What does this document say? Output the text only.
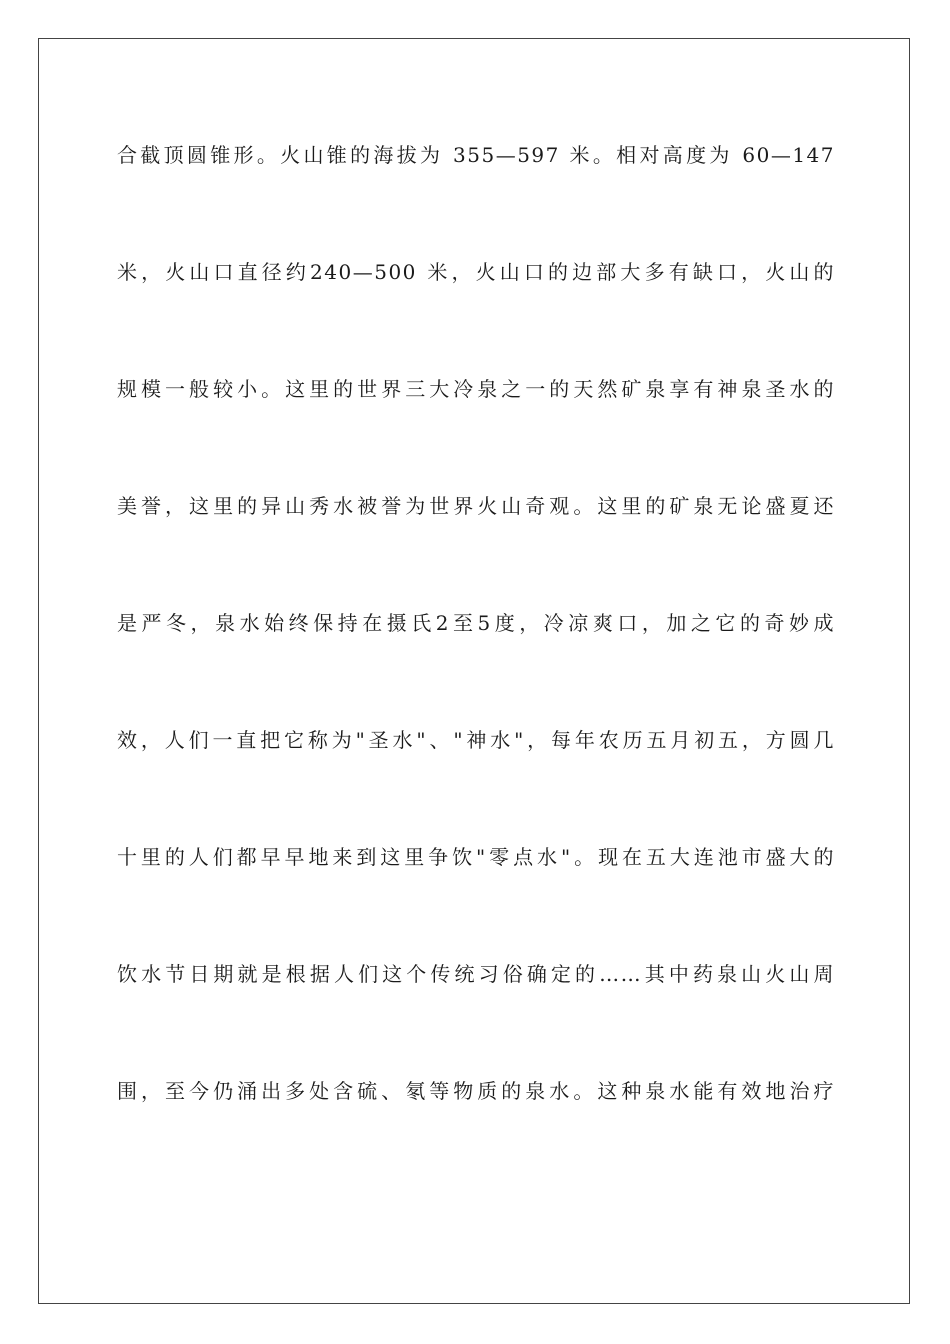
合截顶圆锥形。火山锥的海拔为 355—597 米。相对高度为 60—147
米，火山口直径约240—500 米，火山口的边部大多有缺口，火山的
规模一般较小。这里的世界三大冷泉之一的天然矿泉享有神泉圣水的
美誉，这里的异山秀水被誉为世界火山奇观。这里的矿泉无论盛夏还
是严冬，泉水始终保持在摄氏2至5度，冷凉爽口，加之它的奇妙成
效，人们一直把它称为"圣水"、"神水"，每年农历五月初五，方圆几
十里的人们都早早地来到这里争饮"零点水"。现在五大连池市盛大的
饮水节日期就是根据人们这个传统习俗确定的……其中药泉山火山周
围，至今仍涌出多处含硫、氡等物质的泉水。这种泉水能有效地治疗
